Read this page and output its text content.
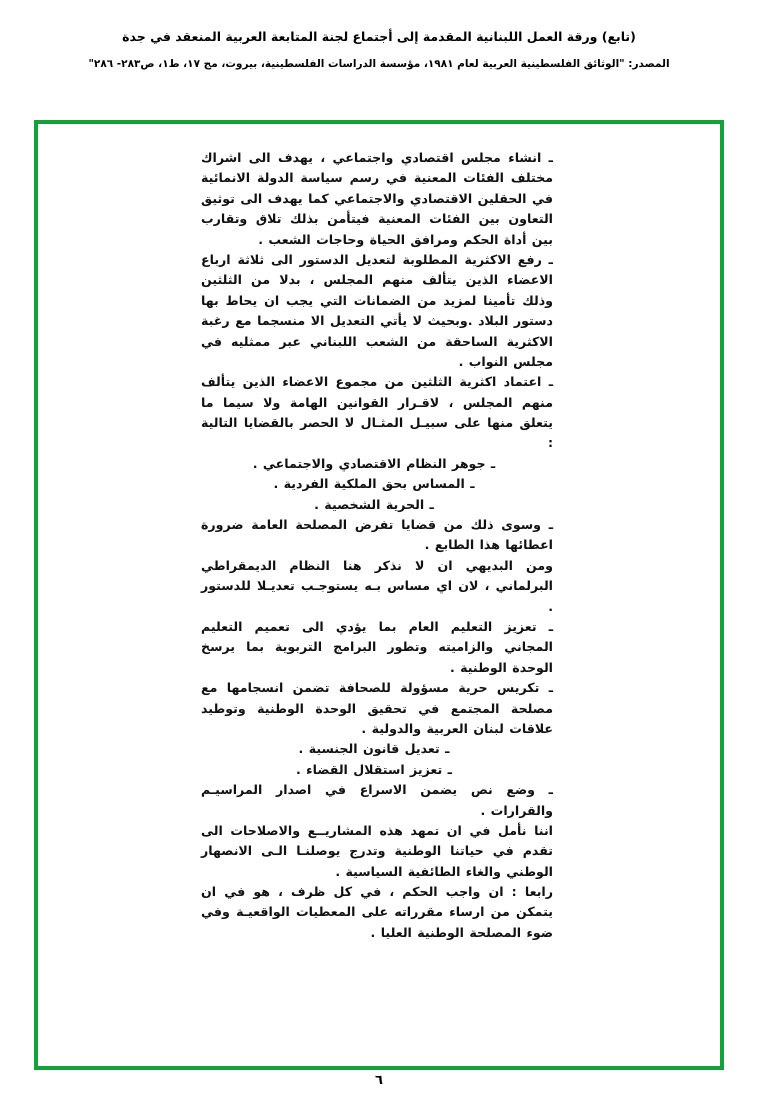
(تابع) ورقة العمل اللبنانية المقدمة إلى أجتماع لجنة المتابعة العربية المنعقد في جدة
المصدر: "الوثائق الفلسطينية العربية لعام ١٩٨١، مؤسسة الدراسات الفلسطينية، بيروت، مج ١٧، ط١، ص٢٨٣- ٢٨٦"

ـ انشاء مجلس اقتصادي واجتماعي ، يهدف الى اشراك مختلف الفئات المعنية في رسم سياسة الدولة الانمائية في الحقلين الاقتصادي والاجتماعي كما يهدف الى توثيق التعاون بين الفئات المعنية فيتأمن بذلك تلاق وتقارب بين أداة الحكم ومرافق الحياة وحاجات الشعب .

ـ رفع الاكثرية المطلوبة لتعديل الدستور الى ثلاثة ارباع الاعضاء الذين يتألف منهم المجلس ، بدلا من الثلثين وذلك تأمينا لمزيد من الضمانات التي يجب ان يحاط بها دستور البلاد .وبحيث لا يأتي التعديل الا منسجما مع رغبة الاكثرية الساحقة من الشعب اللبناني عبر ممثليه في مجلس النواب .

ـ اعتماد اكثرية الثلثين من مجموع الاعضاء الذين يتألف منهم المجلس ، لاقـرار القوانين الهامة ولا سيما ما يتعلق منها على سبيـل المثـال لا الحصر بالقضايا التالية :

ـ جوهر النظام الاقتصادي والاجتماعي .

ـ المساس بحق الملكية الفردية .

ـ الحرية الشخصية .

ـ وسوى ذلك من قضايا تفرض المصلحة العامة ضرورة اعطائها هذا الطابع .

ومن البديهي ان لا نذكر هنا النظام الديمقراطي البرلماني ، لان اي مساس بـه يستوجـب تعديـلا للدستور .

ـ تعزيز التعليم العام بما يؤدي الى تعميم التعليم المجاني والزاميته وتطور البرامج التربوية بما يرسخ الوحدة الوطنية .

ـ تكريس حرية مسؤولة للصحافة تضمن انسجامها مع مصلحة المجتمع في تحقيق الوحدة الوطنية وتوطيد علاقات لبنان العربية والدولية .

ـ تعديل قانون الجنسية .

ـ تعزيز استقلال القضاء .

ـ وضع نص يضمن الاسراع في اصدار المراسيـم والقرارات .

اننا نأمل في ان تمهد هذه المشاريــع والاصلاحات الى تقدم في حياتنا الوطنية وتدرج يوصلنـا الـى الانصهار الوطني والغاء الطائفية السياسية .

رابعا : ان واجب الحكم ، في كل ظرف ، هو في ان يتمكن من ارساء مقرراته على المعطيات الواقعيـة وفي ضوء المصلحة الوطنية العليا .

٦
